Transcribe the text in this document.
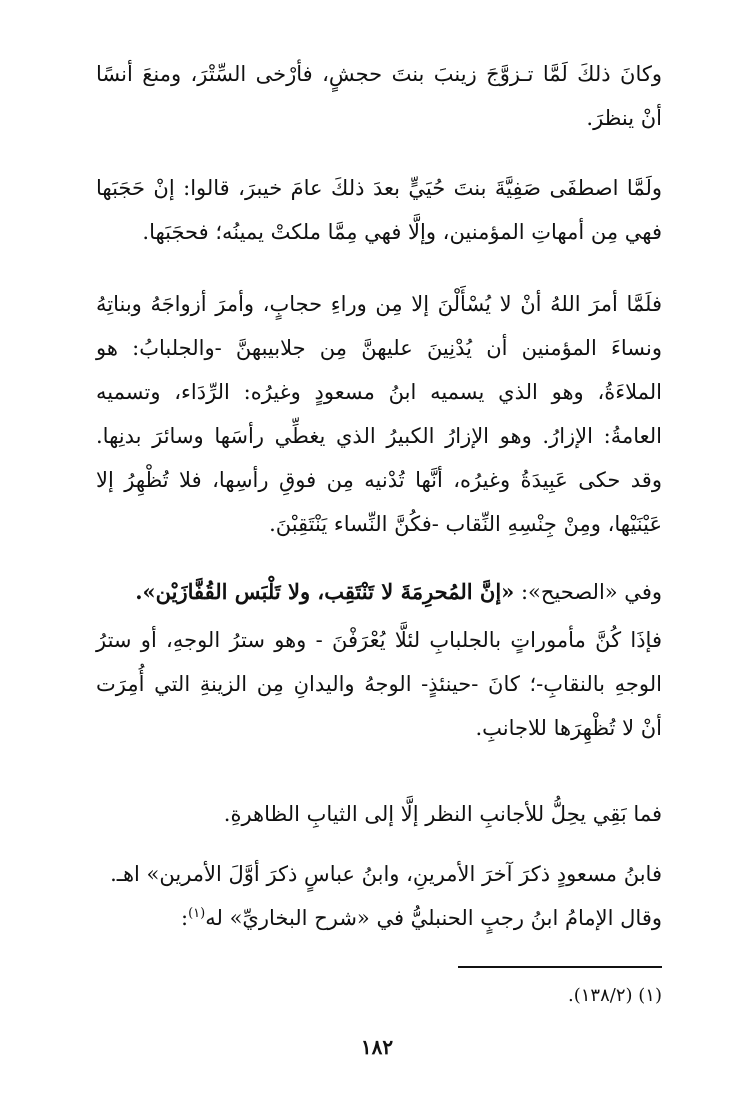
وكانَ ذلكَ لَمَّا تـزوَّجَ زينبَ بنتَ حجشٍ، فأرْخى السِّتْرَ، ومنعَ أنسًا أنْ ينظرَ.

ولَمَّا اصطفَى صَفِيَّةَ بنتَ حُيَيٍّ بعدَ ذلكَ عامَ خيبرَ، قالوا: إنْ حَجَبَها فهي مِن أمهاتِ المؤمنين، وإلَّا فهي مِمَّا ملكتْ يمينُه؛ فحجَبَها.

فلَمَّا أمرَ اللهُ أنْ لا يُسْأَلْنَ إلا مِن وراءِ حجابٍ، وأمرَ أزواجَهُ وبناتِهُ ونساءَ المؤمنين أن يُدْنِينَ عليهنَّ مِن جلابيبهنَّ -والجلبابُ: هو الملاءَةُ، وهو الذي يسميه ابنُ مسعودٍ وغيرُه: الرِّدَاء، وتسميه العامةُ: الإزارُ. وهو الإزارُ الكبيرُ الذي يغطِّي رأسَها وسائرَ بدنِها. وقد حكى عَبِيدَةُ وغيرُه، أنَّها تُدْنيه مِن فوقِ رأسِها، فلا تُظْهِرُ إلا عَيْنَيْها، ومِنْ جِنْسِهِ النِّقاب -فكُنَّ النِّساء يَنْتَقِبْنَ.

وفي «الصحيح»: «إنَّ المُحرِمَةَ لا تَنْتَقِب، ولا تَلْبَس القُفَّازَيْن».

فإذَا كُنَّ مأموراتٍ بالجلبابِ لئلَّا يُعْرَفْنَ - وهو سترُ الوجهِ، أو سترُ الوجهِ بالنقابِ-؛ كانَ -حينئذٍ- الوجهُ واليدانِ مِن الزينةِ التي أُمِرَت أنْ لا تُظْهِرَها للاجانبِ.

فما بَقِي يحِلُّ للأجانبِ النظر إلَّا إلى الثيابِ الظاهرةِ.

فابنُ مسعودٍ ذكرَ آخرَ الأمرينِ، وابنُ عباسٍ ذكرَ أوَّلَ الأمرين» اهـ.

وقال الإمامُ ابنُ رجبٍ الحنبليُّ في «شرح البخاريِّ» له$^{(١)}$:

(١) (١٣٨/٢).
١٨٢
